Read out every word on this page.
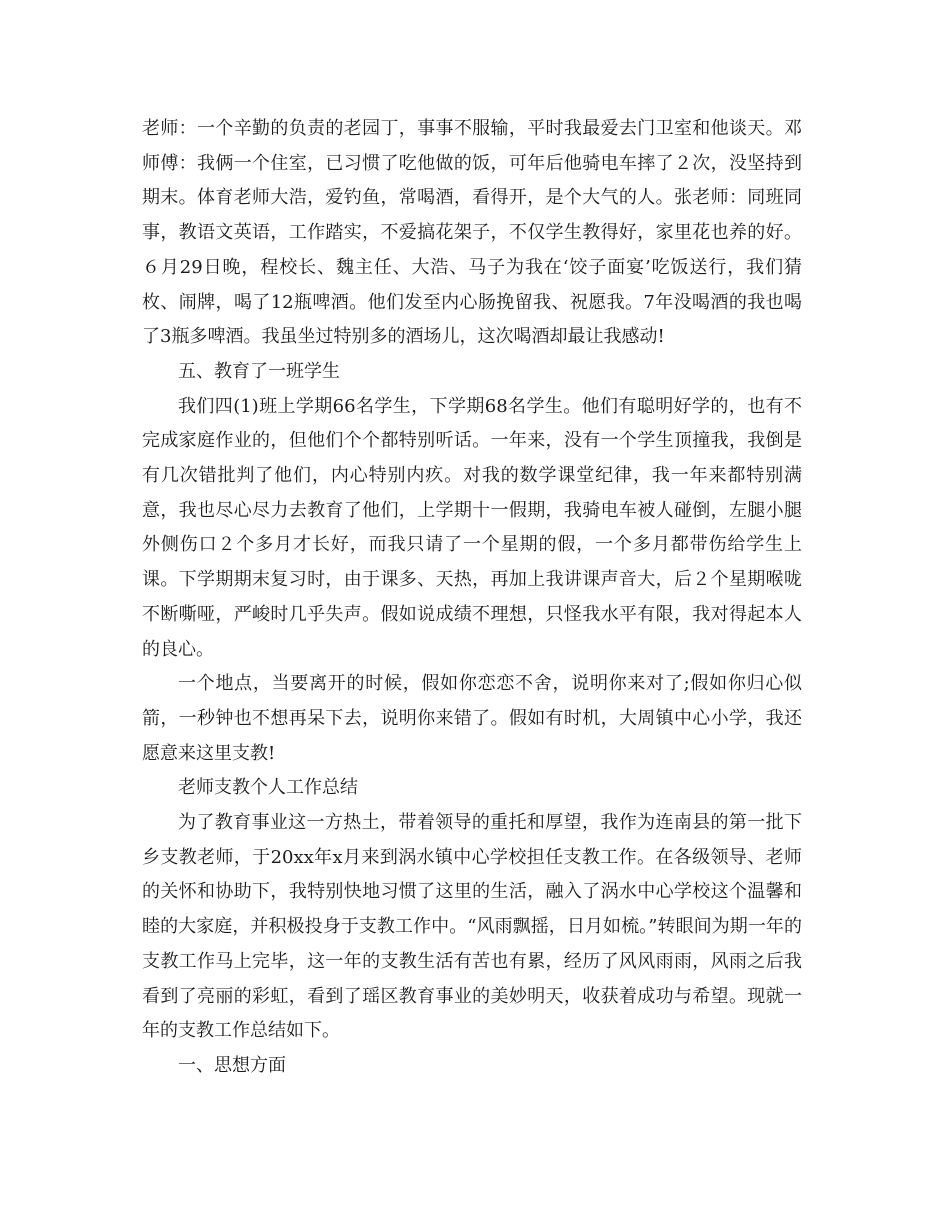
老师：一个辛勤的负责的老园丁，事事不服输，平时我最爱去门卫室和他谈天。邓师傅：我俩一个住室，已习惯了吃他做的饭，可年后他骑电车摔了２次，没坚持到期末。体育老师大浩，爱钓鱼，常喝酒，看得开，是个大气的人。张老师：同班同事，教语文英语，工作踏实，不爱搞花架子，不仅学生教得好，家里花也养的好。６月29日晚，程校长、魏主任、大浩、马子为我在‘饺子面宴’吃饭送行，我们猜枚、闹牌，喝了12瓶啤酒。他们发至内心肠挽留我、祝愿我。7年没喝酒的我也喝了3瓶多啤酒。我虽坐过特别多的酒场儿，这次喝酒却最让我感动!

五、教育了一班学生

我们四(1)班上学期66名学生，下学期68名学生。他们有聪明好学的，也有不完成家庭作业的，但他们个个都特别听话。一年来，没有一个学生顶撞我，我倒是有几次错批判了他们，内心特别内疚。对我的数学课堂纪律，我一年来都特别满意，我也尽心尽力去教育了他们，上学期十一假期，我骑电车被人碰倒，左腿小腿外侧伤口２个多月才长好，而我只请了一个星期的假，一个多月都带伤给学生上课。下学期期末复习时，由于课多、天热，再加上我讲课声音大，后２个星期喉咙不断嘶哑，严峻时几乎失声。假如说成绩不理想，只怪我水平有限，我对得起本人的良心。

一个地点，当要离开的时候，假如你恋恋不舍，说明你来对了;假如你归心似箭，一秒钟也不想再呆下去，说明你来错了。假如有时机，大周镇中心小学，我还愿意来这里支教!

老师支教个人工作总结

为了教育事业这一方热土，带着领导的重托和厚望，我作为连南县的第一批下乡支教老师，于20xx年x月来到涡水镇中心学校担任支教工作。在各级领导、老师的关怀和协助下，我特别快地习惯了这里的生活，融入了涡水中心学校这个温馨和睦的大家庭，并积极投身于支教工作中。“风雨飘摇，日月如梳。”转眼间为期一年的支教工作马上完毕，这一年的支教生活有苦也有累，经历了风风雨雨，风雨之后我看到了亮丽的彩虹，看到了瑶区教育事业的美妙明天，收获着成功与希望。现就一年的支教工作总结如下。

一、思想方面
